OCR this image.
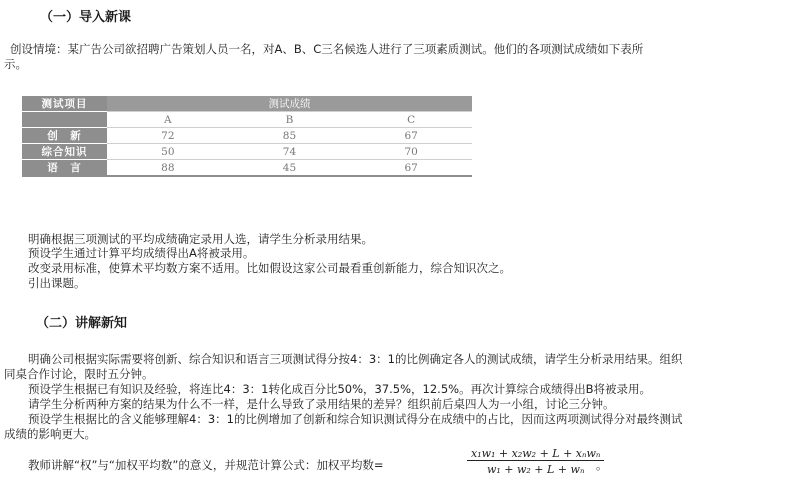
（一）导入新课
创设情境：某广告公司欲招聘广告策划人员一名，对A、B、C三名候选人进行了三项素质测试。他们的各项测试成绩如下表所
示。
测试项目	测试成绩		
	A	B	C
创　新	72	85	67
综合知识	50	74	70
语　言	88	45	67
明确根据三项测试的平均成绩确定录用人选，请学生分析录用结果。
预设学生通过计算平均成绩得出A将被录用。
改变录用标准，使算术平均数方案不适用。比如假设这家公司最看重创新能力，综合知识次之。
引出课题。
（二）讲解新知
明确公司根据实际需要将创新、综合知识和语言三项测试得分按4：3：1的比例确定各人的测试成绩，请学生分析录用结果。组织
同桌合作讨论，限时五分钟。
预设学生根据已有知识及经验，将连比4：3：1转化成百分比50%，37.5%，12.5%。再次计算综合成绩得出B将被录用。
请学生分析两种方案的结果为什么不一样，是什么导致了录用结果的差异？组织前后桌四人为一小组，讨论三分钟。
预设学生根据比的含义能够理解4：3：1的比例增加了创新和综合知识测试得分在成绩中的占比，因而这两项测试得分对最终测试
成绩的影响更大。
教师讲解“权”与“加权平均数”的意义，并规范计算公式：加权平均数=
x₁w₁ + x₂w₂ + L + xₙwₙ
w₁ + w₂ + L + wₙ	。
